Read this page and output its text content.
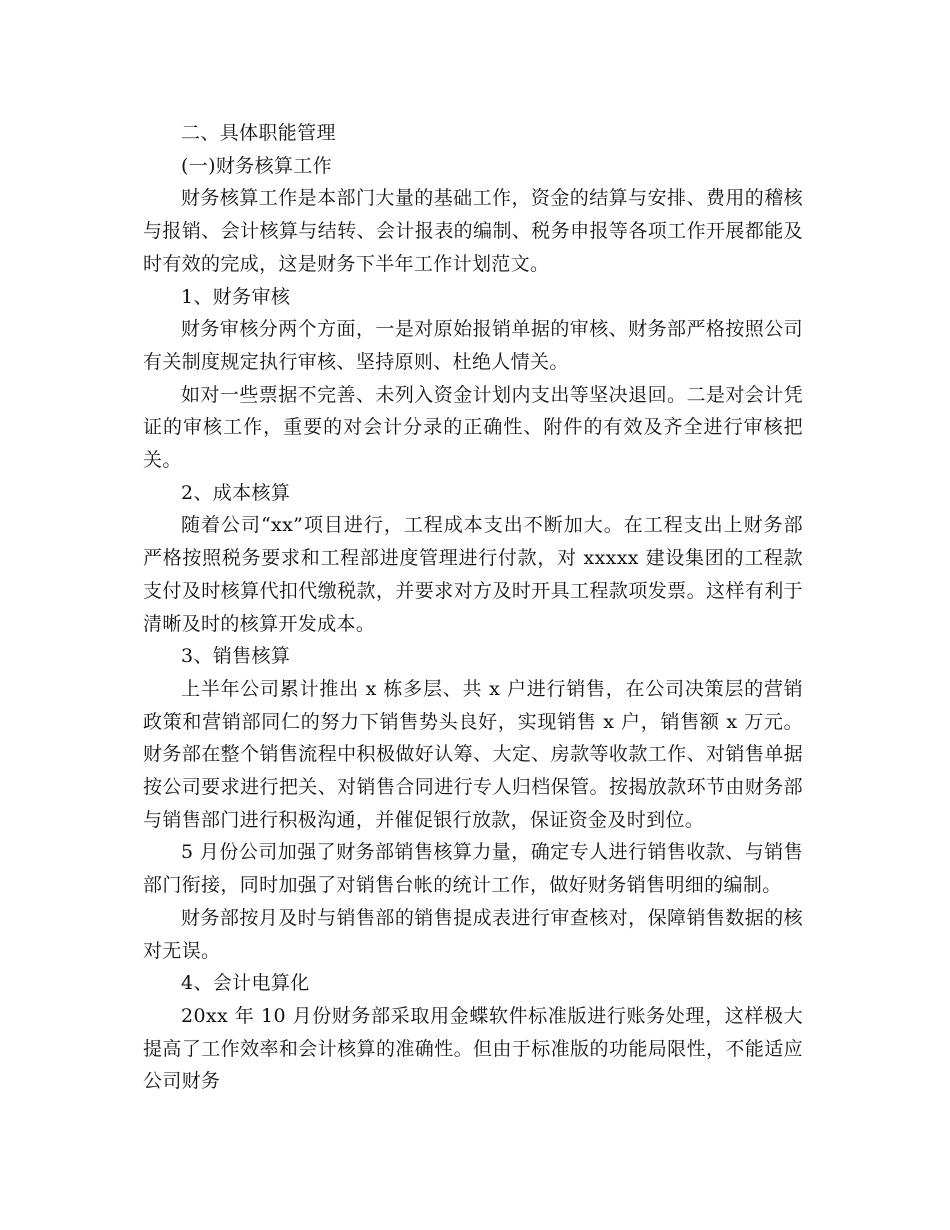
二、具体职能管理

(一)财务核算工作

财务核算工作是本部门大量的基础工作，资金的结算与安排、费用的稽核与报销、会计核算与结转、会计报表的编制、税务申报等各项工作开展都能及时有效的完成，这是财务下半年工作计划范文。

1、财务审核

财务审核分两个方面，一是对原始报销单据的审核、财务部严格按照公司有关制度规定执行审核、坚持原则、杜绝人情关。

如对一些票据不完善、未列入资金计划内支出等坚决退回。二是对会计凭证的审核工作，重要的对会计分录的正确性、附件的有效及齐全进行审核把关。

2、成本核算

随着公司“xx”项目进行，工程成本支出不断加大。在工程支出上财务部严格按照税务要求和工程部进度管理进行付款，对 xxxxx 建设集团的工程款支付及时核算代扣代缴税款，并要求对方及时开具工程款项发票。这样有利于清晰及时的核算开发成本。

3、销售核算

上半年公司累计推出 x 栋多层、共 x 户进行销售，在公司决策层的营销政策和营销部同仁的努力下销售势头良好，实现销售 x 户，销售额 x 万元。财务部在整个销售流程中积极做好认筹、大定、房款等收款工作、对销售单据按公司要求进行把关、对销售合同进行专人归档保管。按揭放款环节由财务部与销售部门进行积极沟通，并催促银行放款，保证资金及时到位。

5 月份公司加强了财务部销售核算力量，确定专人进行销售收款、与销售部门衔接，同时加强了对销售台帐的统计工作，做好财务销售明细的编制。

财务部按月及时与销售部的销售提成表进行审查核对，保障销售数据的核对无误。

4、会计电算化

20xx 年 10 月份财务部采取用金蝶软件标准版进行账务处理，这样极大提高了工作效率和会计核算的准确性。但由于标准版的功能局限性，不能适应公司财务
